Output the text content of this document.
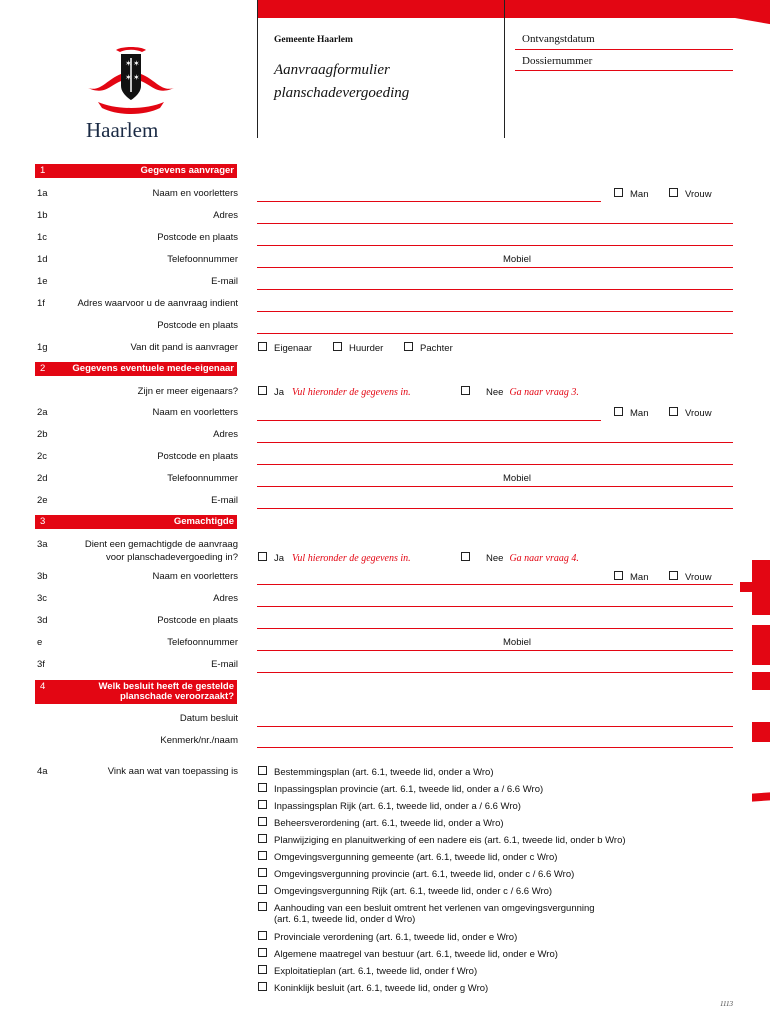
✶ ✶
✶ ✶
Haarlem
Gemeente Haarlem
Aanvraagformulier
planschadevergoeding
Ontvangstdatum
Dossiernummer
1	Gegevens aanvrager
1a	Naam en voorletters	Man	Vrouw
1b	Adres
1c	Postcode en plaats
1d	Telefoonnummer	Mobiel
1e	E-mail
1f	Adres waarvoor u de aanvraag indient
Postcode en plaats
1g	Van dit pand is aanvrager	Eigenaar	Huurder	Pachter
2	Gegevens eventuele mede-eigenaar
Zijn er meer eigenaars?	Ja Vul hieronder de gegevens in.	Nee Ga naar vraag 3.
2a	Naam en voorletters	Man	Vrouw
2b	Adres
2c	Postcode en plaats
2d	Telefoonnummer	Mobiel
2e	E-mail
3	Gemachtigde
3a	Dient een gemachtigde de aanvraag
voor planschadevergoeding in?	Ja Vul hieronder de gegevens in.	Nee Ga naar vraag 4.
3b	Naam en voorletters	Man	Vrouw
3c	Adres
3d	Postcode en plaats
e	Telefoonnummer	Mobiel
3f	E-mail
4	Welk besluit heeft de gestelde
planschade veroorzaakt?
Datum besluit
Kenmerk/nr./naam
4a	Vink aan wat van toepassing is	Bestemmingsplan (art. 6.1, tweede lid, onder a Wro)
Inpassingsplan provincie (art. 6.1, tweede lid, onder a / 6.6 Wro)
Inpassingsplan Rijk (art. 6.1, tweede lid, onder a / 6.6 Wro)
Beheersverordening (art. 6.1, tweede lid, onder a Wro)
Planwijziging en planuitwerking of een nadere eis (art. 6.1, tweede lid, onder b Wro)
Omgevingsvergunning gemeente (art. 6.1, tweede lid, onder c Wro)
Omgevingsvergunning provincie (art. 6.1, tweede lid, onder c / 6.6 Wro)
Omgevingsvergunning Rijk (art. 6.1, tweede lid, onder c / 6.6 Wro)
Aanhouding van een besluit omtrent het verlenen van omgevingsvergunning
(art. 6.1, tweede lid, onder d Wro)
Provinciale verordening (art. 6.1, tweede lid, onder e Wro)
Algemene maatregel van bestuur (art. 6.1, tweede lid, onder e Wro)
Exploitatieplan (art. 6.1, tweede lid, onder f Wro)
Koninklijk besluit (art. 6.1, tweede lid, onder g Wro)
1113
